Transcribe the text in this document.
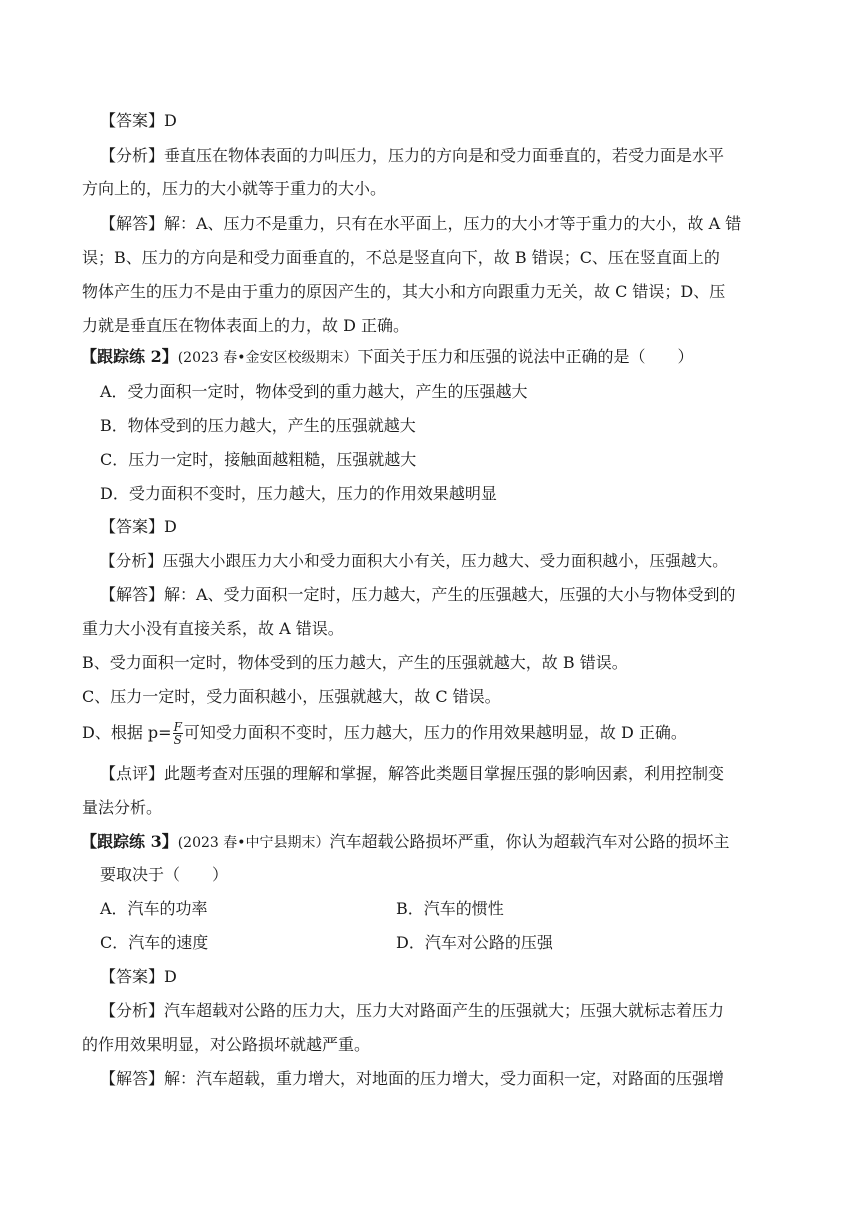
【答案】D
【分析】垂直压在物体表面的力叫压力，压力的方向是和受力面垂直的，若受力面是水平
方向上的，压力的大小就等于重力的大小。
【解答】解：A、压力不是重力，只有在水平面上，压力的大小才等于重力的大小，故 A 错
误；B、压力的方向是和受力面垂直的，不总是竖直向下，故 B 错误；C、压在竖直面上的
物体产生的压力不是由于重力的原因产生的，其大小和方向跟重力无关，故 C 错误；D、压
力就是垂直压在物体表面上的力，故 D 正确。
【跟踪练 2】(2023 春•金安区校级期末）下面关于压力和压强的说法中正确的是（　　）
A．受力面积一定时，物体受到的重力越大，产生的压强越大
B．物体受到的压力越大，产生的压强就越大
C．压力一定时，接触面越粗糙，压强就越大
D．受力面积不变时，压力越大，压力的作用效果越明显
【答案】D
【分析】压强大小跟压力大小和受力面积大小有关，压力越大、受力面积越小，压强越大。
【解答】解：A、受力面积一定时，压力越大，产生的压强越大，压强的大小与物体受到的
重力大小没有直接关系，故 A 错误。
B、受力面积一定时，物体受到的压力越大，产生的压强就越大，故 B 错误。
C、压力一定时，受力面积越小，压强就越大，故 C 错误。
D、根据 $p= \frac{F}{S}$ 可知受力面积不变时，压力越大，压力的作用效果越明显，故 D 正确。
【点评】此题考查对压强的理解和掌握，解答此类题目掌握压强的影响因素，利用控制变
量法分析。
【跟踪练 3】(2023 春•中宁县期末）汽车超载公路损坏严重，你认为超载汽车对公路的损坏主
要取决于（　　）
A．汽车的功率	B．汽车的惯性
C．汽车的速度	D．汽车对公路的压强
【答案】D
【分析】汽车超载对公路的压力大，压力大对路面产生的压强就大；压强大就标志着压力
的作用效果明显，对公路损坏就越严重。
【解答】解：汽车超载，重力增大，对地面的压力增大，受力面积一定，对路面的压强增
